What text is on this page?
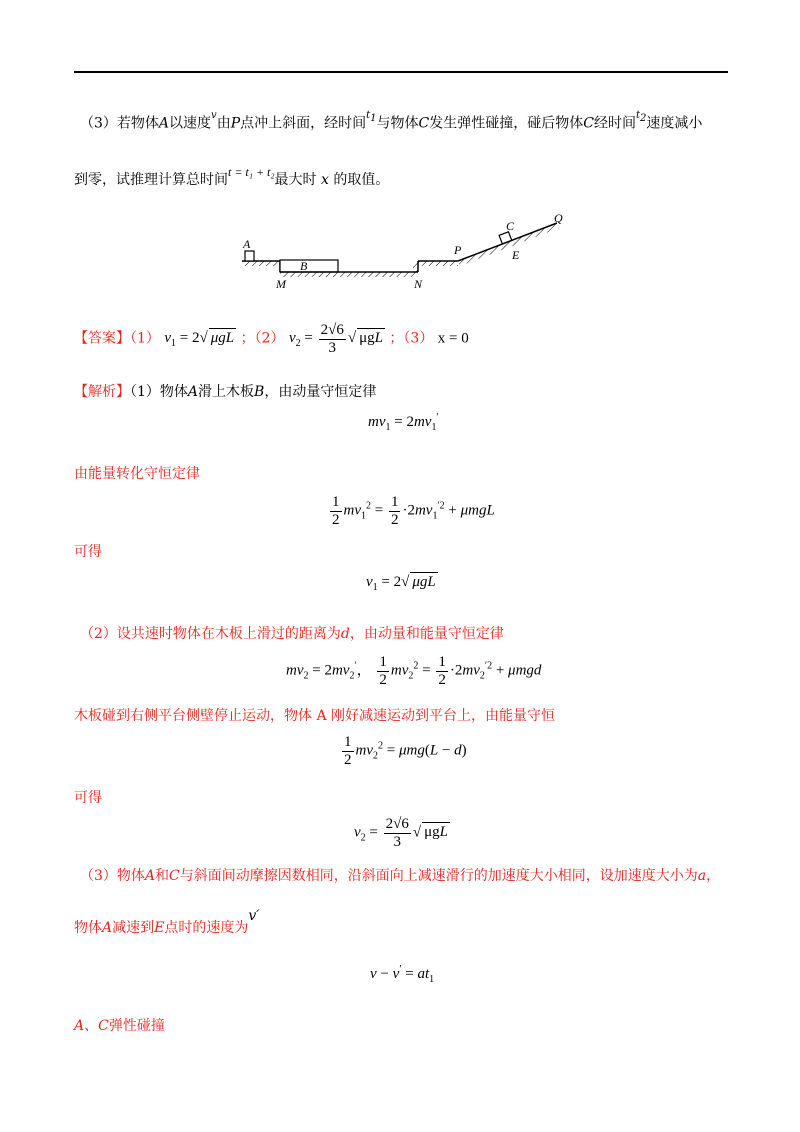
（3）若物体A以速度$^v$由P点冲上斜面，经时间$^{t_1}$与物体C发生弹性碰撞，碰后物体C经时间$^{t_2}$速度减小
到零，试推理计算总时间t = t₁ + t₂最大时 x 的取值。
A
B
M	N
P
C
E
Q
【答案】（1） $v_1 = 2√$ μgL ；（2） $v_2 = \frac{2√6}{3}$ √ μgL ；（3） x = 0
【解析】（1）物体A滑上木板B，由动量守恒定律
$mv_1 = 2mv_1'$
由能量转化守恒定律
$\frac{1}{2} mv_1^2 = \frac{1}{2} \cdot 2mv_1^{'2} + \mu mgL$
可得
$v_1 = 2√$ μgL
（2）设共速时物体在木板上滑过的距离为d，由动量和能量守恒定律
$mv_2 = 2mv_2'$， $\frac{1}{2} mv_2^2 = \frac{1}{2} \cdot 2mv_2^{'2} + \mu mgd$
木板碰到右侧平台侧壁停止运动，物体 A 刚好减速运动到平台上，由能量守恒
$\frac{1}{2} mv_2^2 = \mu mg(L - d)$
可得
$v_2 = \frac{2√6}{3}$ √ μgL
（3）物体A和C与斜面间动摩擦因数相同，沿斜面向上减速滑行的加速度大小相同，设加速度大小为a，
物体A减速到E点时的速度为v′
$v - v' = at_1$
A、C弹性碰撞
